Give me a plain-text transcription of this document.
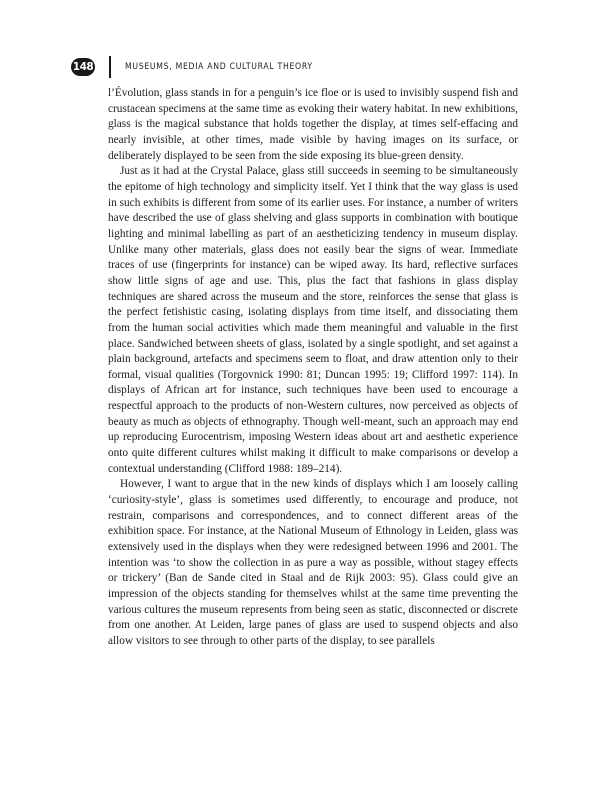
148	MUSEUMS, MEDIA AND CULTURAL THEORY

l’Évolution, glass stands in for a penguin’s ice floe or is used to invisibly suspend fish and crustacean specimens at the same time as evoking their watery habitat. In new exhibitions, glass is the magical substance that holds together the display, at times self-effacing and nearly invisible, at other times, made visible by having images on its surface, or deliberately displayed to be seen from the side exposing its blue-green density.

Just as it had at the Crystal Palace, glass still succeeds in seeming to be simultaneously the epitome of high technology and simplicity itself. Yet I think that the way glass is used in such exhibits is different from some of its earlier uses. For instance, a number of writers have described the use of glass shelving and glass supports in combination with boutique lighting and minimal labelling as part of an aestheticizing tendency in museum display. Unlike many other materials, glass does not easily bear the signs of wear. Immediate traces of use (fingerprints for instance) can be wiped away. Its hard, reflective surfaces show little signs of age and use. This, plus the fact that fashions in glass display techniques are shared across the museum and the store, reinforces the sense that glass is the perfect fetishistic casing, isolating displays from time itself, and dissociating them from the human social activities which made them meaningful and valuable in the first place. Sandwiched between sheets of glass, isolated by a single spotlight, and set against a plain background, artefacts and specimens seem to float, and draw attention only to their formal, visual qualities (Torgovnick 1990: 81; Duncan 1995: 19; Clifford 1997: 114). In displays of African art for instance, such techniques have been used to encourage a respectful approach to the products of non-Western cultures, now perceived as objects of beauty as much as objects of ethnography. Though well-meant, such an approach may end up reproducing Eurocentrism, imposing Western ideas about art and aesthetic experience onto quite different cultures whilst making it difficult to make comparisons or develop a contextual understanding (Clifford 1988: 189–214).

However, I want to argue that in the new kinds of displays which I am loosely calling ‘curiosity-style’, glass is sometimes used differently, to encourage and produce, not restrain, comparisons and correspondences, and to connect different areas of the exhibition space. For instance, at the National Museum of Ethnology in Leiden, glass was extensively used in the displays when they were redesigned between 1996 and 2001. The intention was ‘to show the collection in as pure a way as possible, without stagey effects or trickery’ (Ban de Sande cited in Staal and de Rijk 2003: 95). Glass could give an impression of the objects standing for themselves whilst at the same time preventing the various cultures the museum represents from being seen as static, disconnected or discrete from one another. At Leiden, large panes of glass are used to suspend objects and also allow visitors to see through to other parts of the display, to see parallels
